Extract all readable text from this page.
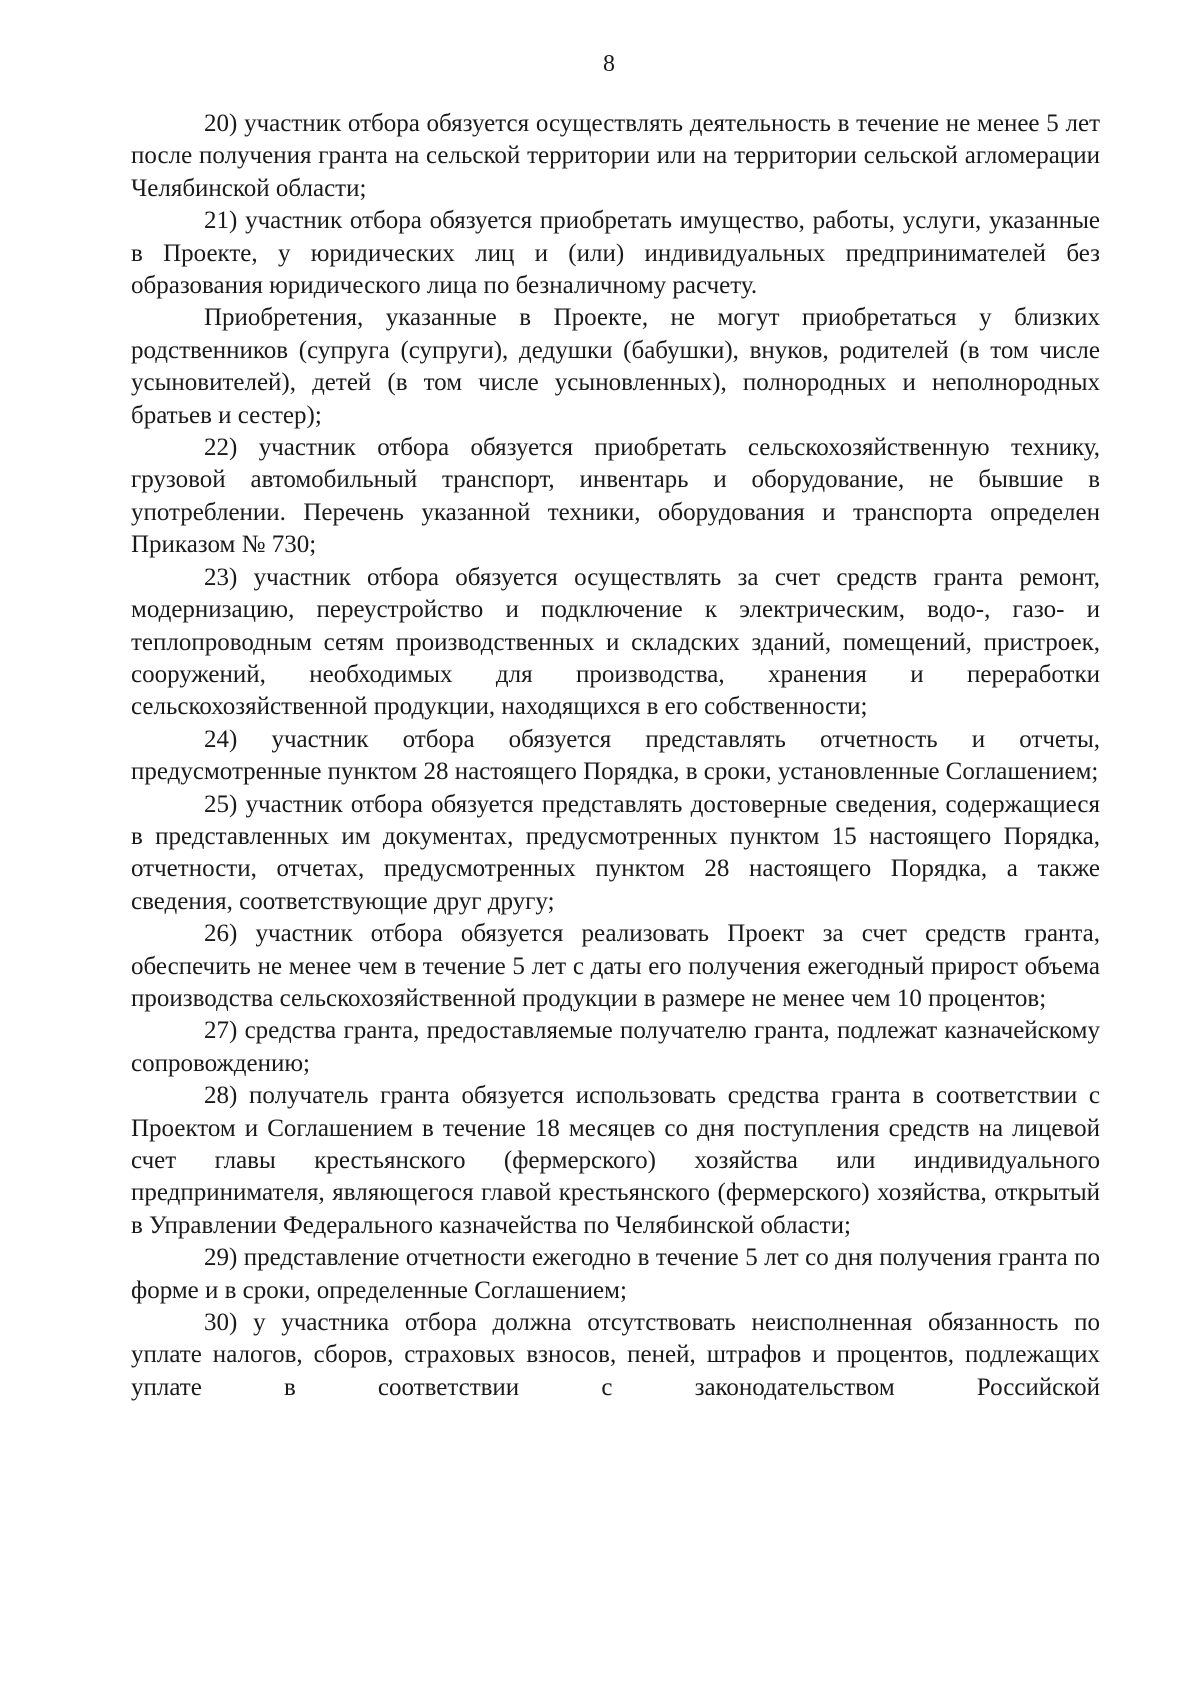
8

20) участник отбора обязуется осуществлять деятельность в течение не менее 5 лет после получения гранта на сельской территории или на территории сельской агломерации Челябинской области;

21) участник отбора обязуется приобретать имущество, работы, услуги, указанные в Проекте, у юридических лиц и (или) индивидуальных предпринимателей без образования юридического лица по безналичному расчету.

Приобретения, указанные в Проекте, не могут приобретаться у близких родственников (супруга (супруги), дедушки (бабушки), внуков, родителей (в том числе усыновителей), детей (в том числе усыновленных), полнородных и неполнородных братьев и сестер);

22) участник отбора обязуется приобретать сельскохозяйственную технику, грузовой автомобильный транспорт, инвентарь и оборудование, не бывшие в употреблении. Перечень указанной техники, оборудования и транспорта определен Приказом № 730;

23) участник отбора обязуется осуществлять за счет средств гранта ремонт, модернизацию, переустройство и подключение к электрическим, водо-, газо- и теплопроводным сетям производственных и складских зданий, помещений, пристроек, сооружений, необходимых для производства, хранения и переработки сельскохозяйственной продукции, находящихся в его собственности;

24) участник отбора обязуется представлять отчетность и отчеты, предусмотренные пунктом 28 настоящего Порядка, в сроки, установленные Соглашением;

25) участник отбора обязуется представлять достоверные сведения, содержащиеся в представленных им документах, предусмотренных пунктом 15 настоящего Порядка, отчетности, отчетах, предусмотренных пунктом 28 настоящего Порядка, а также сведения, соответствующие друг другу;

26) участник отбора обязуется реализовать Проект за счет средств гранта, обеспечить не менее чем в течение 5 лет с даты его получения ежегодный прирост объема производства сельскохозяйственной продукции в размере не менее чем 10 процентов;

27) средства гранта, предоставляемые получателю гранта, подлежат казначейскому сопровождению;

28) получатель гранта обязуется использовать средства гранта в соответствии с Проектом и Соглашением в течение 18 месяцев со дня поступления средств на лицевой счет главы крестьянского (фермерского) хозяйства или индивидуального предпринимателя, являющегося главой крестьянского (фермерского) хозяйства, открытый в Управлении Федерального казначейства по Челябинской области;

29) представление отчетности ежегодно в течение 5 лет со дня получения гранта по форме и в сроки, определенные Соглашением;

30) у участника отбора должна отсутствовать неисполненная обязанность по уплате налогов, сборов, страховых взносов, пеней, штрафов и процентов, подлежащих уплате в соответствии с законодательством Российской
